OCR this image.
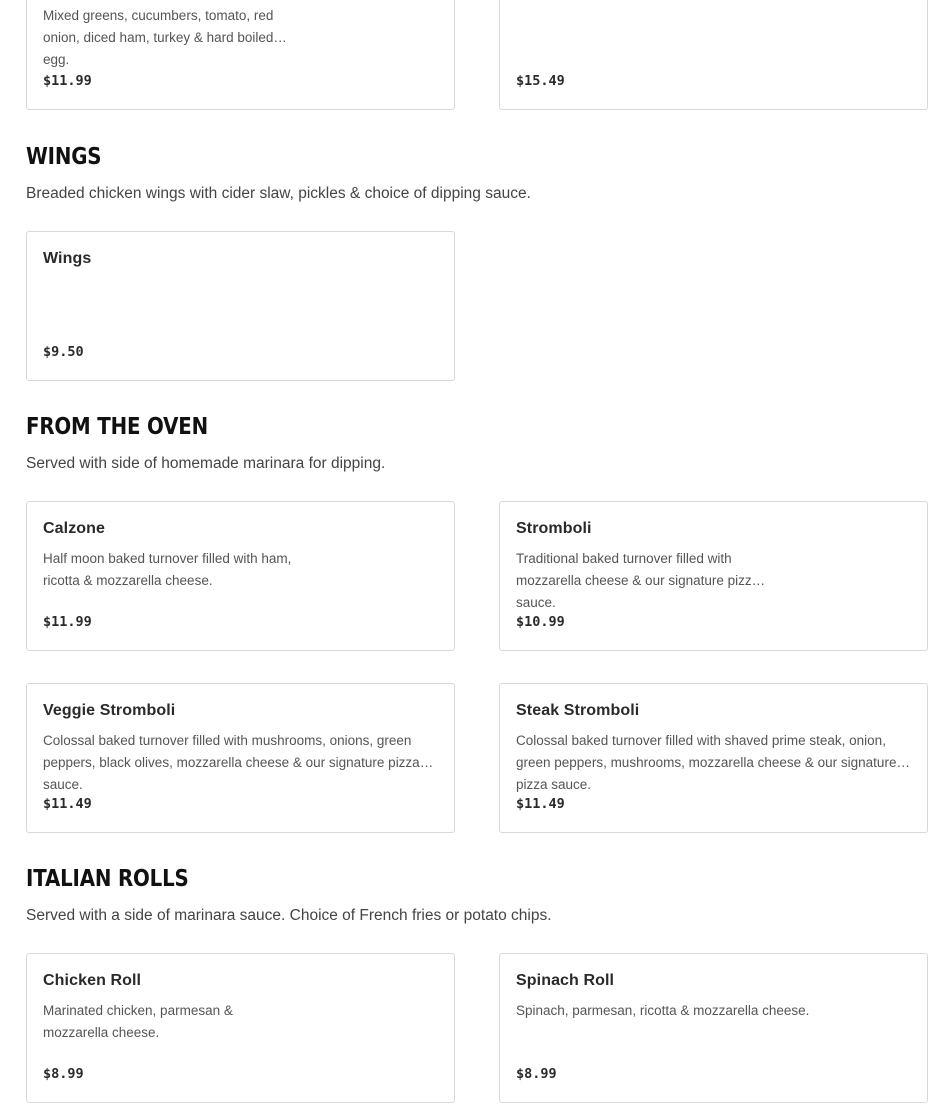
Mixed greens, cucumbers, tomato, red onion, diced ham, turkey & hard boiled egg.
$11.99	$15.49
WINGS
Breaded chicken wings with cider slaw, pickles & choice of dipping sauce.
Wings
$9.50
FROM THE OVEN
Served with side of homemade marinara for dipping.
Calzone
Half moon baked turnover filled with ham, ricotta & mozzarella cheese.
$11.99
Stromboli
Traditional baked turnover filled with mozzarella cheese & our signature pizza sauce.
$10.99
Veggie Stromboli
Colossal baked turnover filled with mushrooms, onions, green peppers, black olives, mozzarella cheese & our signature pizza sauce.
$11.49
Steak Stromboli
Colossal baked turnover filled with shaved prime steak, onion, green peppers, mushrooms, mozzarella cheese & our signature pizza sauce.
$11.49
ITALIAN ROLLS
Served with a side of marinara sauce. Choice of French fries or potato chips.
Chicken Roll
Marinated chicken, parmesan & mozzarella cheese.
$8.99
Spinach Roll
Spinach, parmesan, ricotta & mozzarella cheese.
$8.99
